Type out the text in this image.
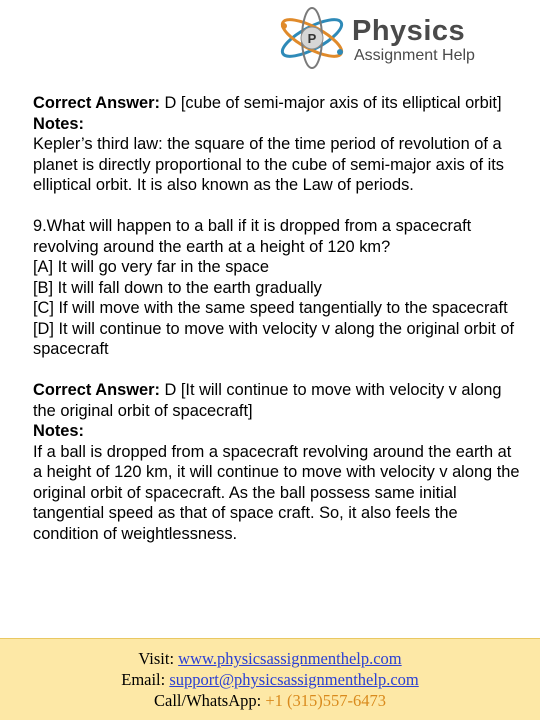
P Physics
Assignment Help

Correct Answer: D [cube of semi-major axis of its elliptical orbit]

Notes:

Kepler’s third law: the square of the time period of revolution of a planet is directly proportional to the cube of semi-major axis of its elliptical orbit. It is also known as the Law of periods.

9.What will happen to a ball if it is dropped from a spacecraft revolving around the earth at a height of 120 km?

[A] It will go very far in the space

[B] It will fall down to the earth gradually

[C] If will move with the same speed tangentially to the spacecraft

[D] It will continue to move with velocity v along the original orbit of spacecraft

Correct Answer: D [It will continue to move with velocity v along the original orbit of spacecraft]

Notes:

If a ball is dropped from a spacecraft revolving around the earth at a height of 120 km, it will continue to move with velocity v along the original orbit of spacecraft. As the ball possess same initial tangential speed as that of space craft. So, it also feels the condition of weightlessness.

Visit: www.physicsassignmenthelp.com
Email: support@physicsassignmenthelp.com
Call/WhatsApp: +1 (315)557-6473
